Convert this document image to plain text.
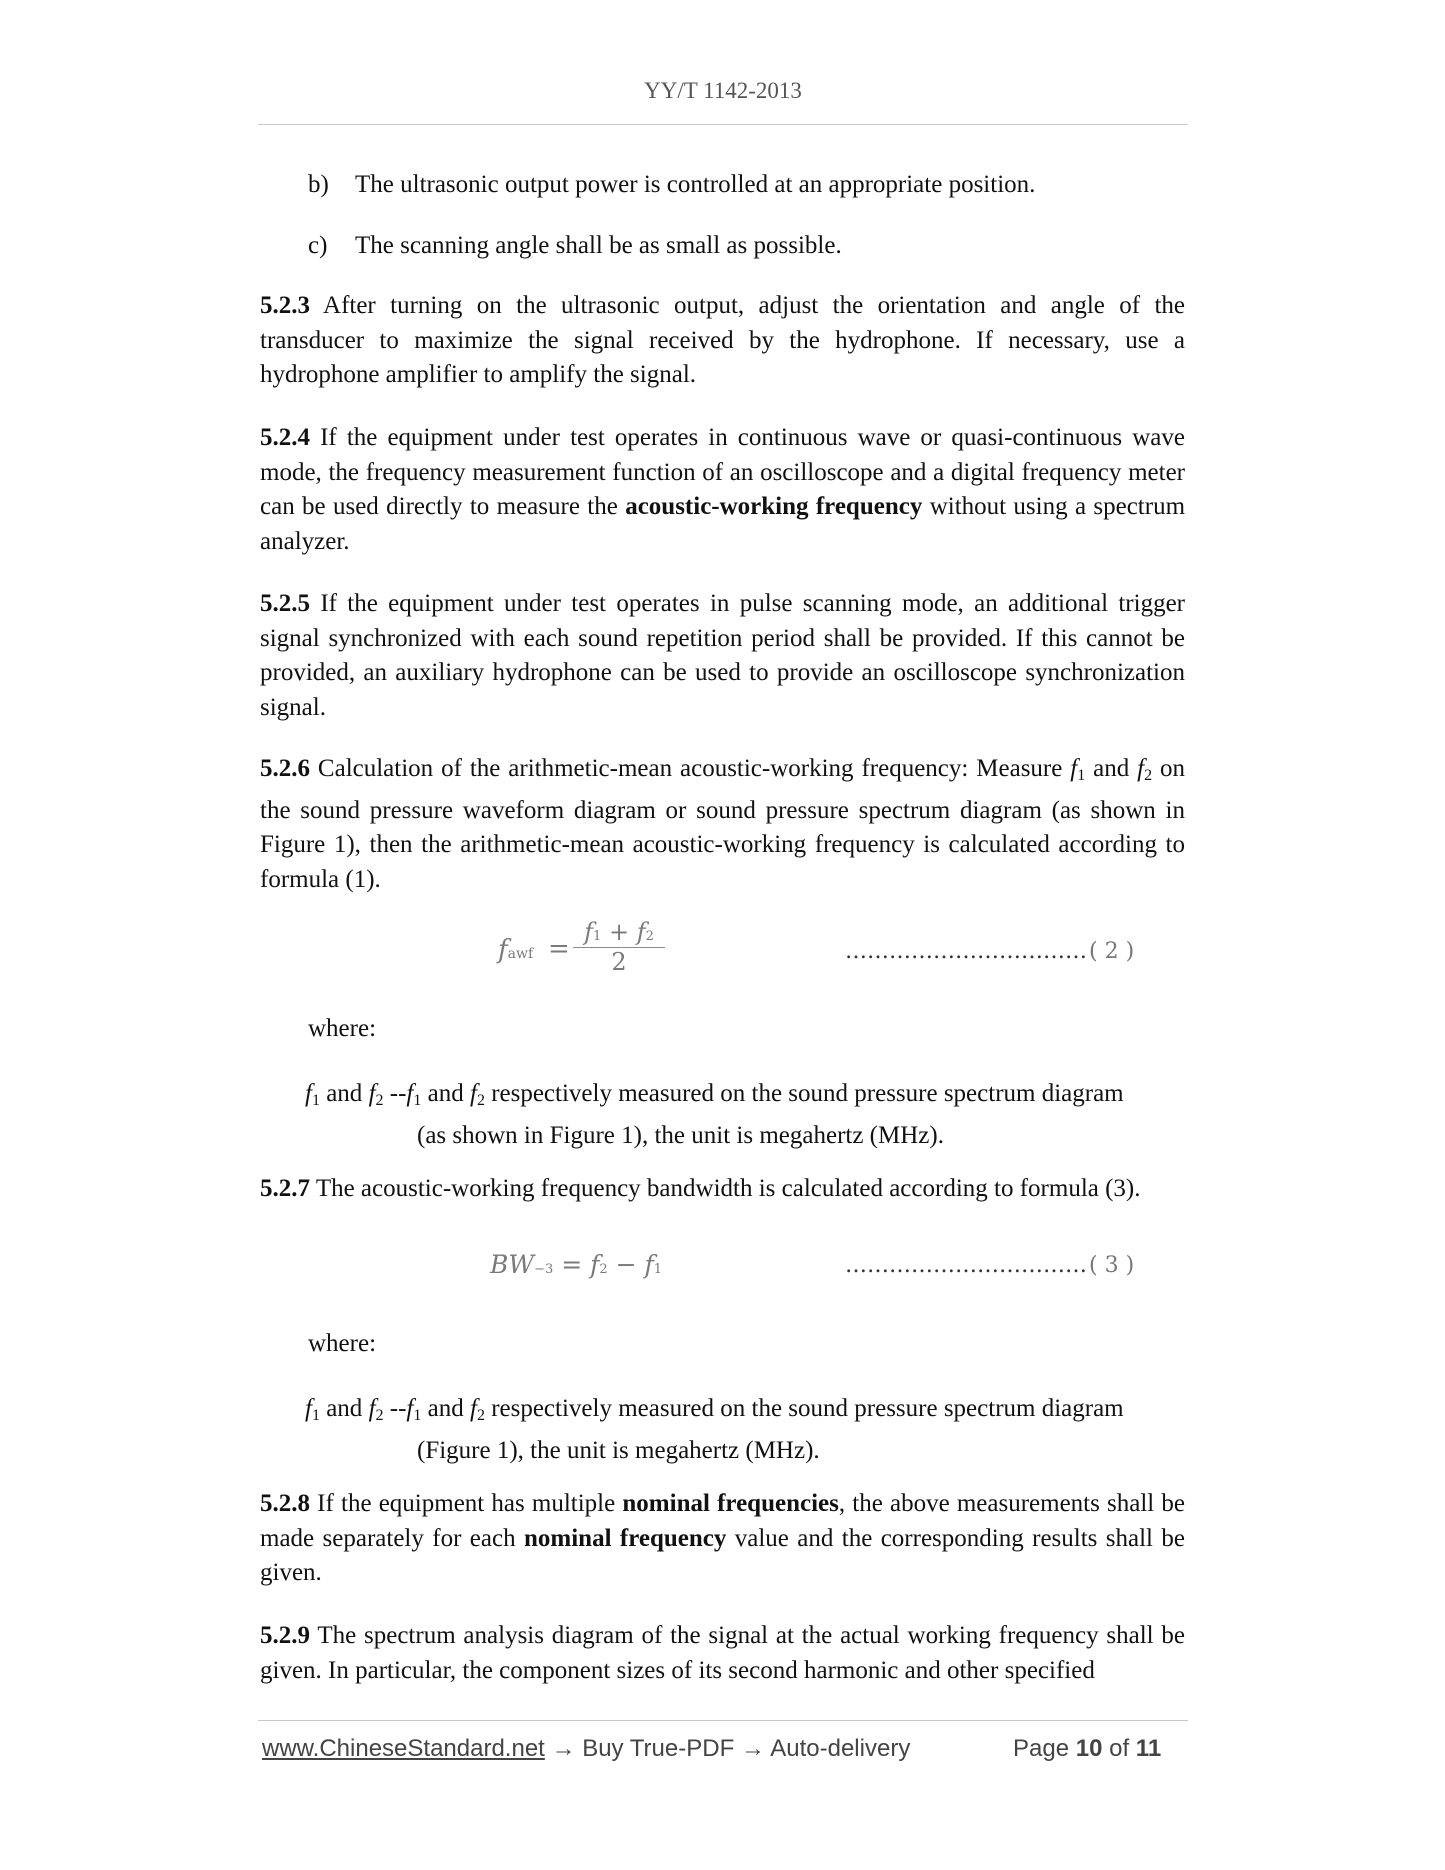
YY/T 1142-2013
b) The ultrasonic output power is controlled at an appropriate position.
c) The scanning angle shall be as small as possible.
5.2.3 After turning on the ultrasonic output, adjust the orientation and angle of the transducer to maximize the signal received by the hydrophone. If necessary, use a hydrophone amplifier to amplify the signal.
5.2.4 If the equipment under test operates in continuous wave or quasi-continuous wave mode, the frequency measurement function of an oscilloscope and a digital frequency meter can be used directly to measure the acoustic-working frequency without using a spectrum analyzer.
5.2.5 If the equipment under test operates in pulse scanning mode, an additional trigger signal synchronized with each sound repetition period shall be provided. If this cannot be provided, an auxiliary hydrophone can be used to provide an oscilloscope synchronization signal.
5.2.6 Calculation of the arithmetic-mean acoustic-working frequency: Measure $f_1$ and $f_2$ on the sound pressure waveform diagram or sound pressure spectrum diagram (as shown in Figure 1), then the arithmetic-mean acoustic-working frequency is calculated according to formula (1).
fawf = $\frac{f1 + f2}{2}$	……………………………( 2 )
where:
$f_1$ and $f_2$ $--f_1$ and $f_2$ respectively measured on the sound pressure spectrum diagram
(as shown in Figure 1), the unit is megahertz (MHz).
5.2.7 The acoustic-working frequency bandwidth is calculated according to formula (3).
BW−3 = f2 − f1	……………………………( 3 )
where:
$f_1$ and $f_2$ $--f_1$ and $f_2$ respectively measured on the sound pressure spectrum diagram
(Figure 1), the unit is megahertz (MHz).
5.2.8 If the equipment has multiple nominal frequencies, the above measurements shall be made separately for each nominal frequency value and the corresponding results shall be given.
5.2.9 The spectrum analysis diagram of the signal at the actual working frequency shall be given. In particular, the component sizes of its second harmonic and other specified
www.ChineseStandard.net → Buy True-PDF → Auto-delivery	Page 10 of 11
